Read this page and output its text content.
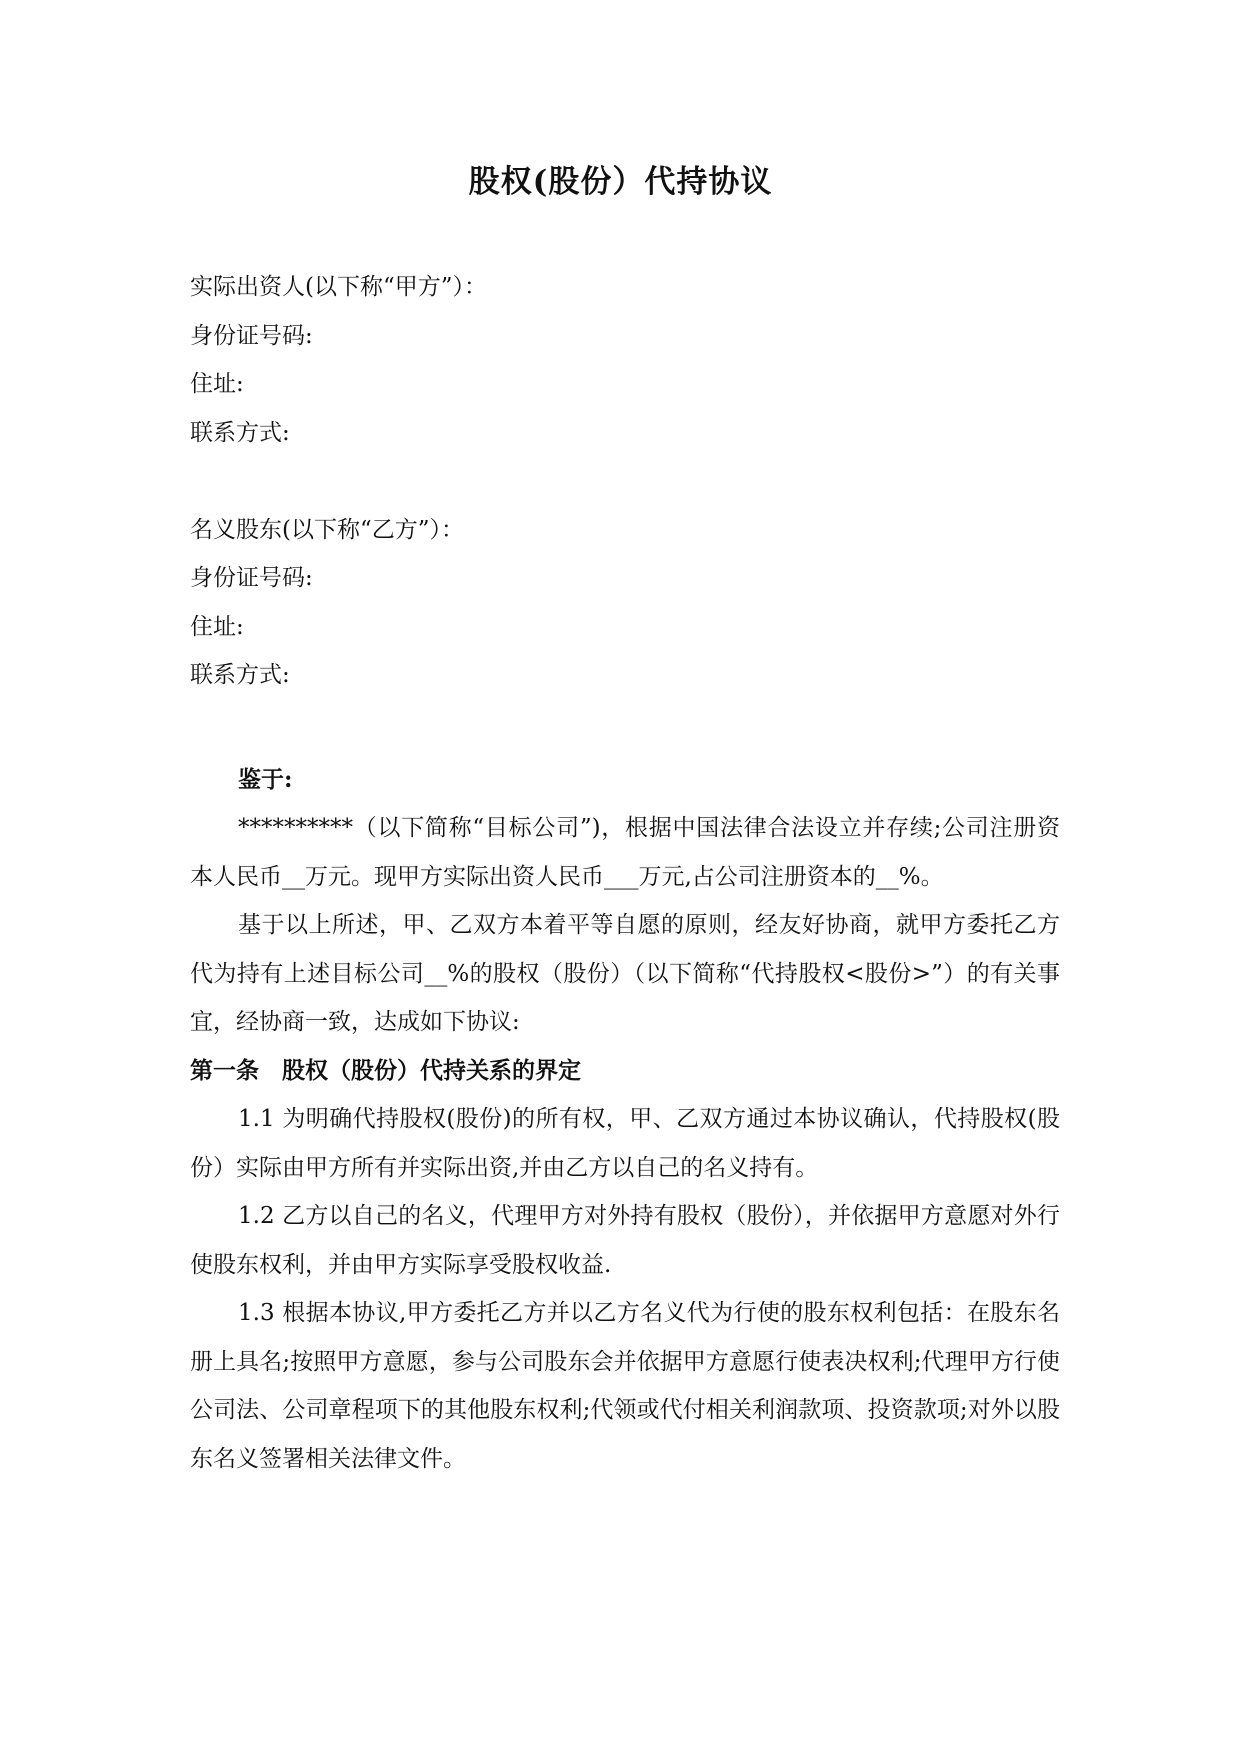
股权(股份）代持协议
实际出资人(以下称“甲方”）：
身份证号码:
住址:
联系方式:
名义股东(以下称“乙方”）：
身份证号码:
住址:
联系方式:
鉴于:
**********（以下简称“目标公司”)，根据中国法律合法设立并存续;公司注册资本人民币__万元。现甲方实际出资人民币___万元,占公司注册资本的__%。
基于以上所述，甲、乙双方本着平等自愿的原则，经友好协商，就甲方委托乙方代为持有上述目标公司__%的股权（股份）（以下简称“代持股权<股份>”）的有关事宜，经协商一致，达成如下协议:
第一条　股权（股份）代持关系的界定
1.1 为明确代持股权(股份)的所有权，甲、乙双方通过本协议确认，代持股权(股份）实际由甲方所有并实际出资,并由乙方以自己的名义持有。
1.2 乙方以自己的名义，代理甲方对外持有股权（股份），并依据甲方意愿对外行使股东权利，并由甲方实际享受股权收益.
1.3 根据本协议,甲方委托乙方并以乙方名义代为行使的股东权利包括：在股东名册上具名;按照甲方意愿，参与公司股东会并依据甲方意愿行使表决权利;代理甲方行使公司法、公司章程项下的其他股东权利;代领或代付相关利润款项、投资款项;对外以股东名义签署相关法律文件。
